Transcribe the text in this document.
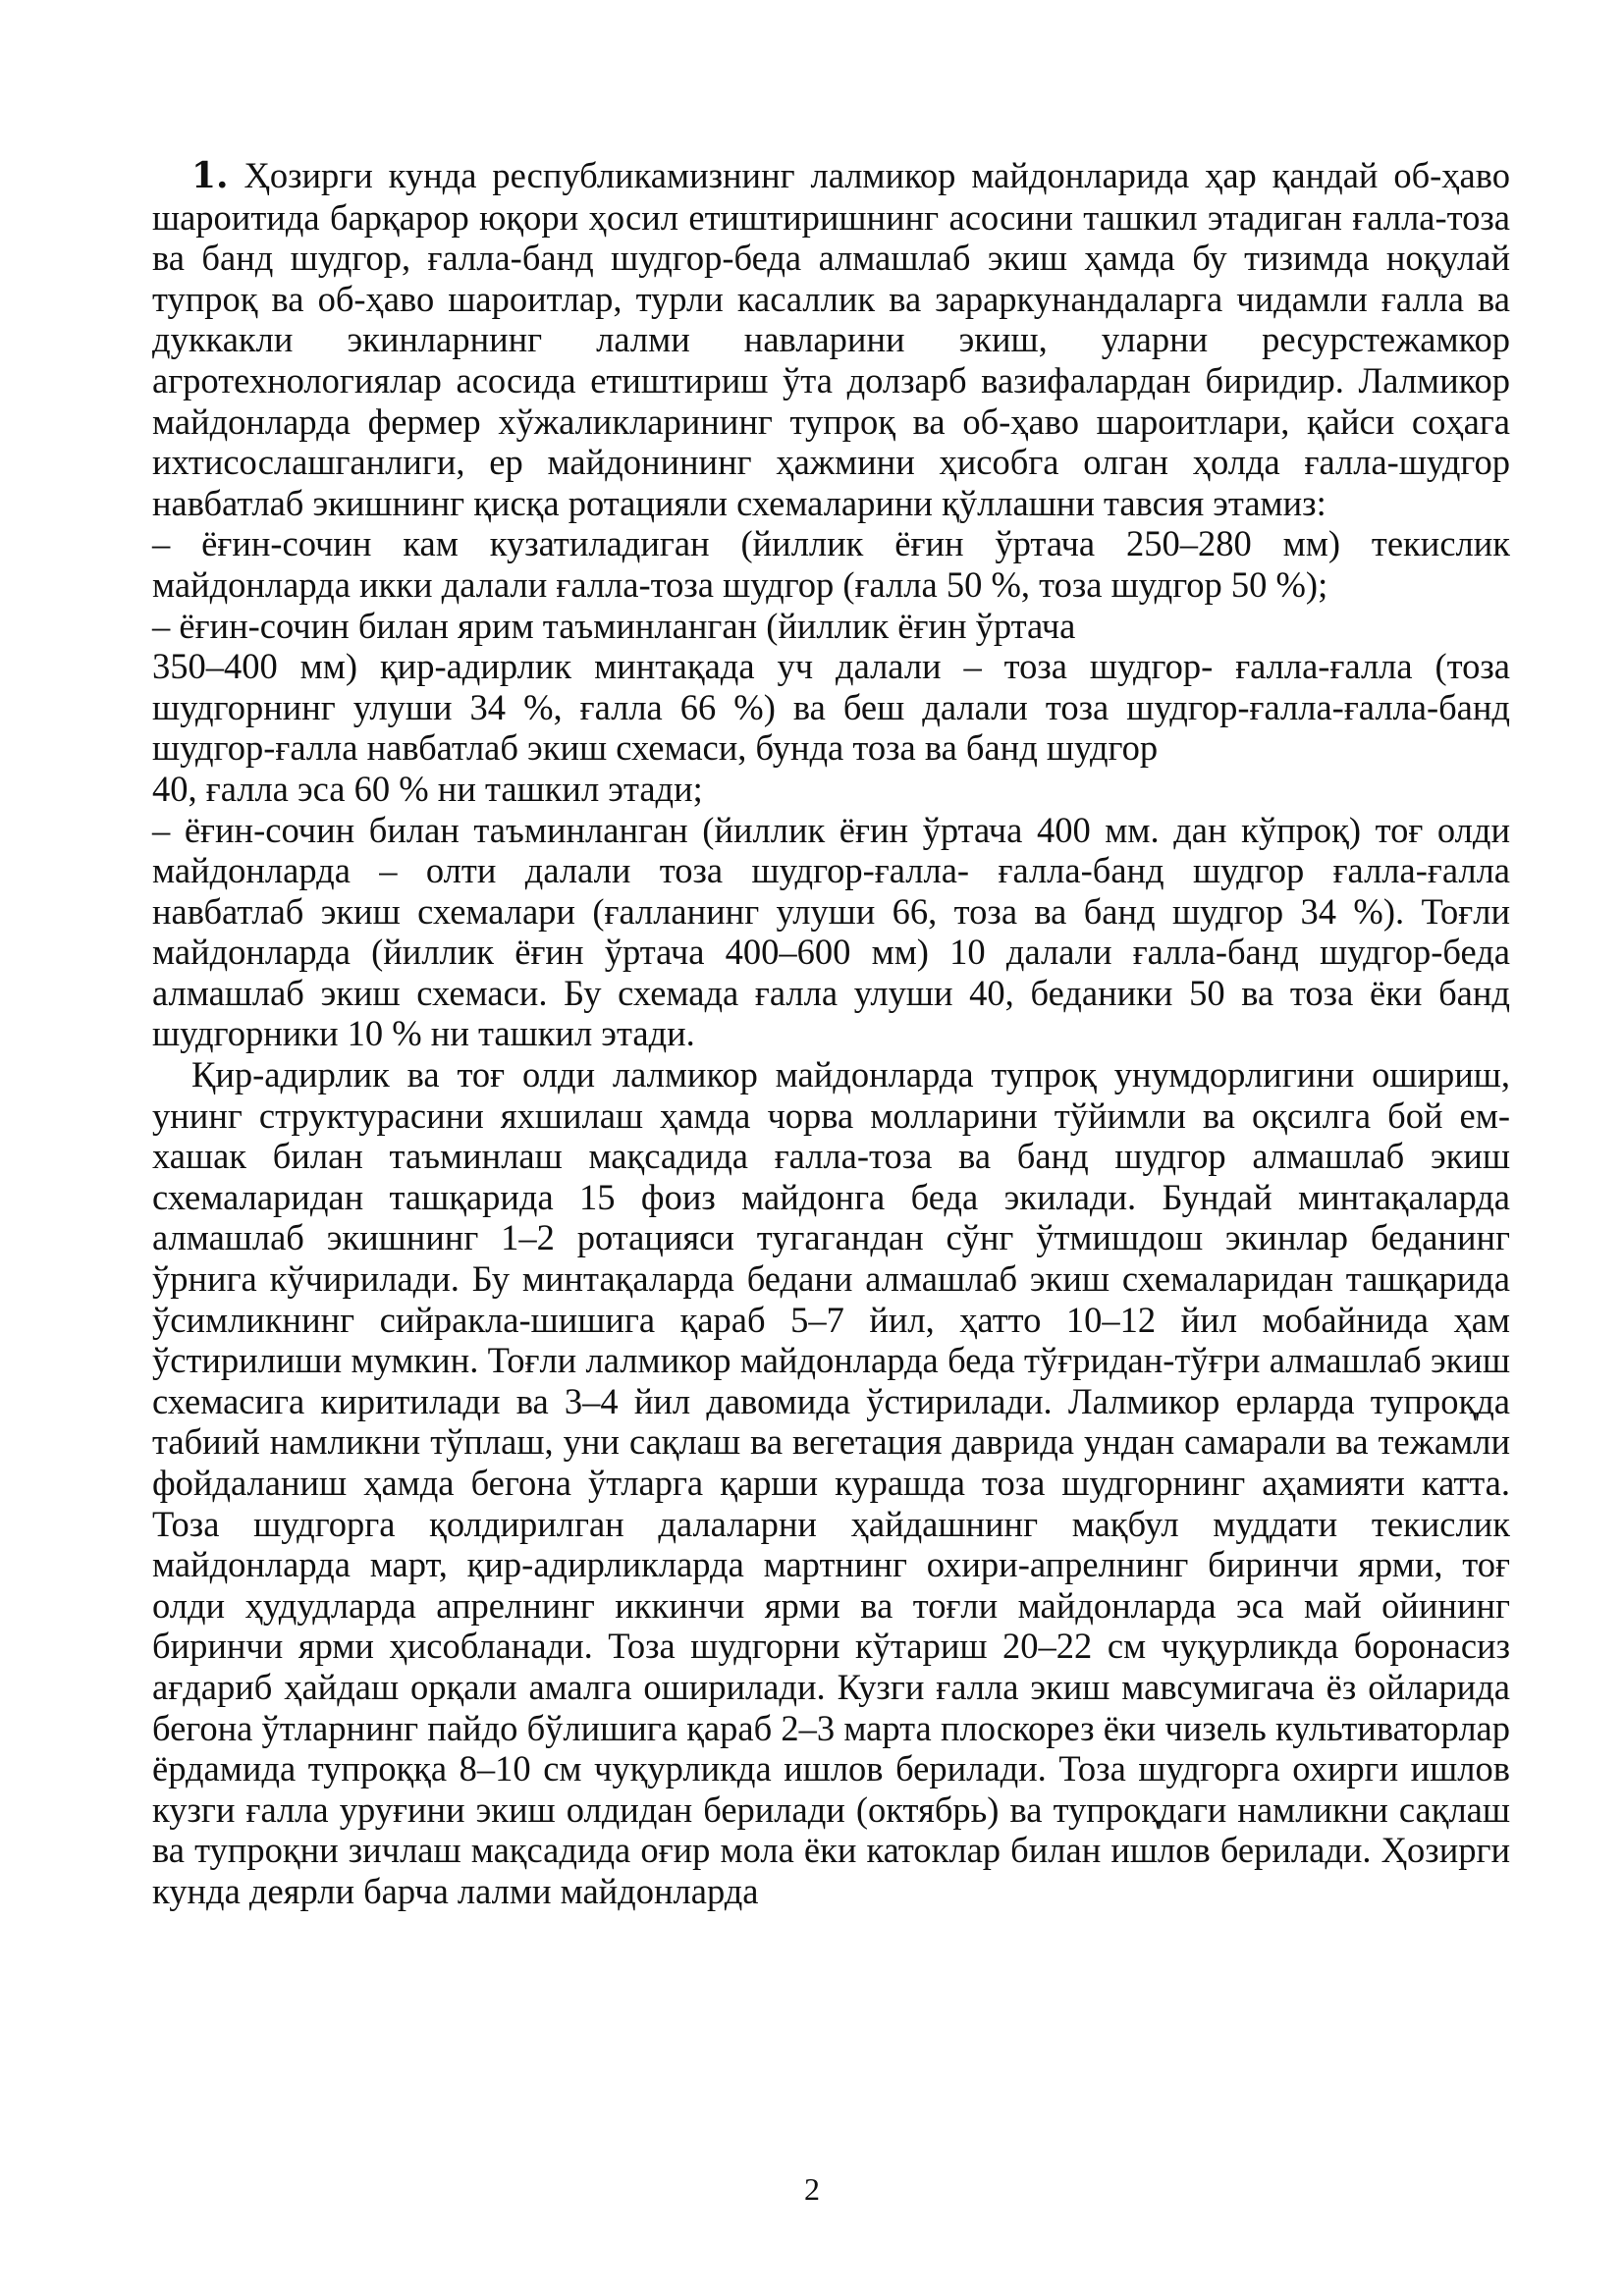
1. Ҳозирги кунда республикамизнинг лалмикор майдонларида ҳар қандай об-ҳаво шароитида барқарор юқори ҳосил етиштиришнинг асосини ташкил этадиган ғалла-тоза ва банд шудгор, ғалла-банд шудгор-беда алмашлаб экиш ҳамда бу тизимда ноқулай тупроқ ва об-ҳаво шароитлар, турли касаллик ва зараркунандаларга чидамли ғалла ва дуккакли экинларнинг лалми навларини экиш, уларни ресурстежамкор агротехнологиялар асосида етиштириш ўта долзарб вазифалардан биридир. Лалмикор майдонларда фермер хўжаликларининг тупроқ ва об-ҳаво шароитлари, қайси соҳага ихтисослашганлиги, ер майдонининг ҳажмини ҳисобга олган ҳолда ғалла-шудгор навбатлаб экишнинг қисқа ротацияли схемаларини қўллашни тавсия этамиз:

– ёғин-сочин кам кузатиладиган (йиллик ёғин ўртача 250–280 мм) текислик майдонларда икки далали ғалла-тоза шудгор (ғалла 50 %, тоза шудгор 50 %);

– ёғин-сочин билан ярим таъминланган (йиллик ёғин ўртача

350–400 мм) қир-адирлик минтақада уч далали – тоза шудгор- ғалла-ғалла (тоза шудгорнинг улуши 34 %, ғалла 66 %) ва беш далали тоза шудгор-ғалла-ғалла-банд шудгор-ғалла навбатлаб экиш схемаси, бунда тоза ва банд шудгор

40, ғалла эса 60 % ни ташкил этади;

– ёғин-сочин билан таъминланган (йиллик ёғин ўртача 400 мм. дан кўпроқ) тоғ олди майдонларда – олти далали тоза шудгор-ғалла- ғалла-банд шудгор ғалла-ғалла навбатлаб экиш схемалари (ғалланинг улуши 66, тоза ва банд шудгор 34 %). Тоғли майдонларда (йиллик ёғин ўртача 400–600 мм) 10 далали ғалла-банд шудгор-беда алмашлаб экиш схемаси. Бу схемада ғалла улуши 40, беданики 50 ва тоза ёки банд шудгорники 10 % ни ташкил этади.

Қир-адирлик ва тоғ олди лалмикор майдонларда тупроқ унумдорлигини ошириш, унинг структурасини яхшилаш ҳамда чорва молларини тўйимли ва оқсилга бой ем-хашак билан таъминлаш мақсадида ғалла-тоза ва банд шудгор алмашлаб экиш схемаларидан ташқарида 15 фоиз майдонга беда экилади. Бундай минтақаларда алмашлаб экишнинг 1–2 ротацияси тугагандан сўнг ўтмишдош экинлар беданинг ўрнига кўчирилади. Бу минтақаларда бедани алмашлаб экиш схемаларидан ташқарида ўсимликнинг сийракла-шишига қараб 5–7 йил, ҳатто 10–12 йил мобайнида ҳам ўстирилиши мумкин. Тоғли лалмикор майдонларда беда тўғридан-тўғри алмашлаб экиш схемасига киритилади ва 3–4 йил давомида ўстирилади. Лалмикор ерларда тупроқда табиий намликни тўплаш, уни сақлаш ва вегетация даврида ундан самарали ва тежамли фойдаланиш ҳамда бегона ўтларга қарши курашда тоза шудгорнинг аҳамияти катта. Тоза шудгорга қолдирилган далаларни ҳайдашнинг мақбул муддати текислик майдонларда март, қир-адирликларда мартнинг охири-апрелнинг биринчи ярми, тоғ олди ҳудудларда апрелнинг иккинчи ярми ва тоғли майдонларда эса май ойининг биринчи ярми ҳисобланади. Тоза шудгорни кўтариш 20–22 см чуқурликда боронасиз ағдариб ҳайдаш орқали амалга оширилади. Кузги ғалла экиш мавсумигача ёз ойларида бегона ўтларнинг пайдо бўлишига қараб 2–3 марта плоскорез ёки чизель культиваторлар ёрдамида тупроққа 8–10 см чуқурликда ишлов берилади. Тоза шудгорга охирги ишлов кузги ғалла уруғини экиш олдидан берилади (октябрь) ва тупроқдаги намликни сақлаш ва тупроқни зичлаш мақсадида оғир мола ёки катоклар билан ишлов берилади. Ҳозирги кунда деярли барча лалми майдонларда

2
